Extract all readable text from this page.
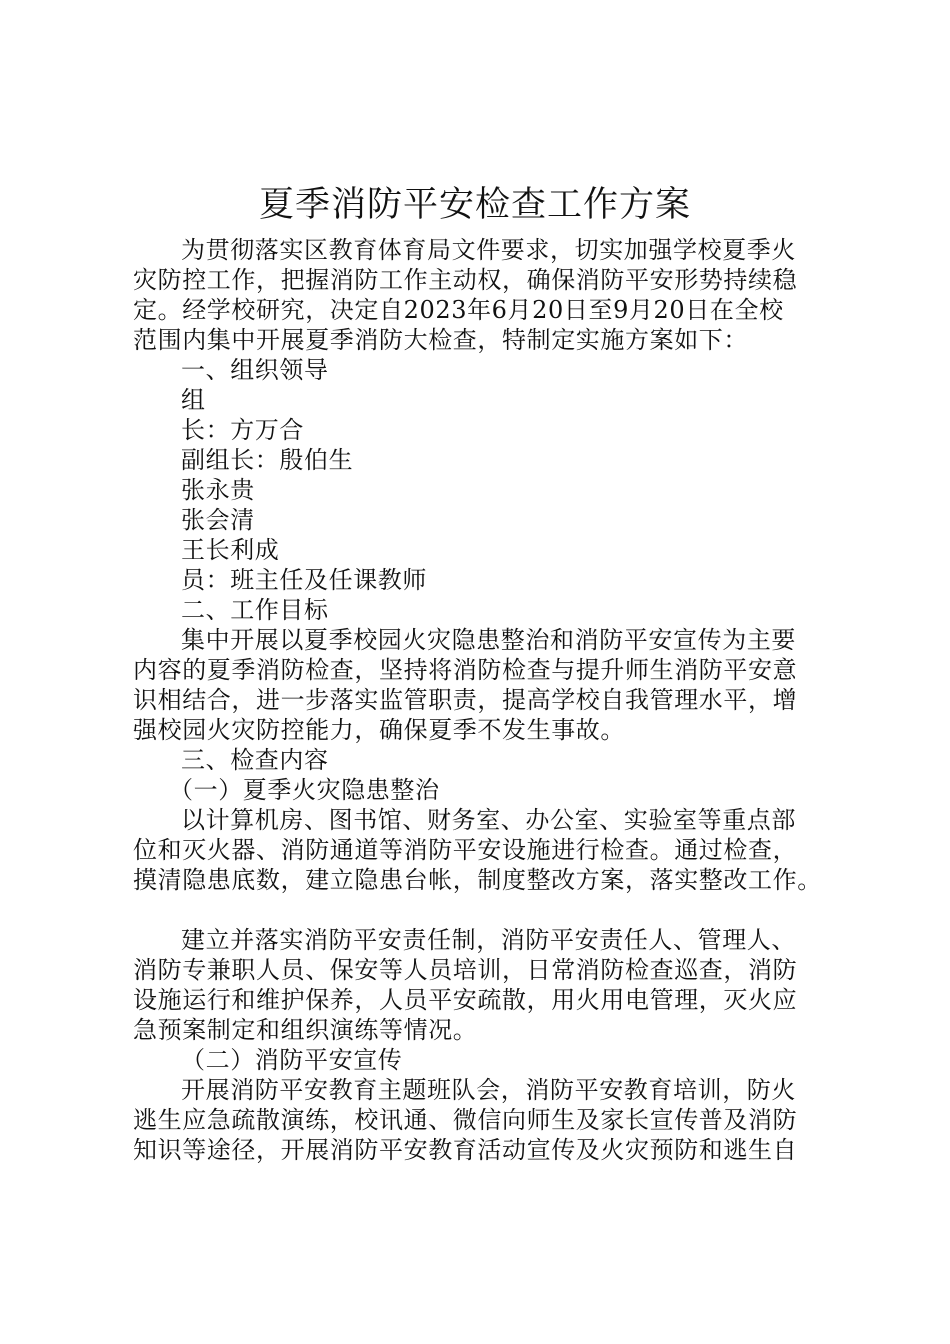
夏季消防平安检查工作方案
为贯彻落实区教育体育局文件要求，切实加强学校夏季火
灾防控工作，把握消防工作主动权，确保消防平安形势持续稳
定。经学校研究，决定自2023年6月20日至9月20日在全校
范围内集中开展夏季消防大检查，特制定实施方案如下：
一、组织领导
组
长：方万合
副组长：殷伯生
张永贵
张会清
王长利成
员：班主任及任课教师
二、工作目标
集中开展以夏季校园火灾隐患整治和消防平安宣传为主要
内容的夏季消防检查，坚持将消防检查与提升师生消防平安意
识相结合，进一步落实监管职责，提高学校自我管理水平，增
强校园火灾防控能力，确保夏季不发生事故。
三、检查内容
（一）夏季火灾隐患整治
以计算机房、图书馆、财务室、办公室、实验室等重点部
位和灭火器、消防通道等消防平安设施进行检查。通过检查，
摸清隐患底数，建立隐患台帐，制度整改方案，落实整改工作。
建立并落实消防平安责任制，消防平安责任人、管理人、
消防专兼职人员、保安等人员培训，日常消防检查巡查，消防
设施运行和维护保养，人员平安疏散，用火用电管理，灭火应
急预案制定和组织演练等情况。
（二）消防平安宣传
开展消防平安教育主题班队会，消防平安教育培训，防火
逃生应急疏散演练，校讯通、微信向师生及家长宣传普及消防
知识等途径，开展消防平安教育活动宣传及火灾预防和逃生自
